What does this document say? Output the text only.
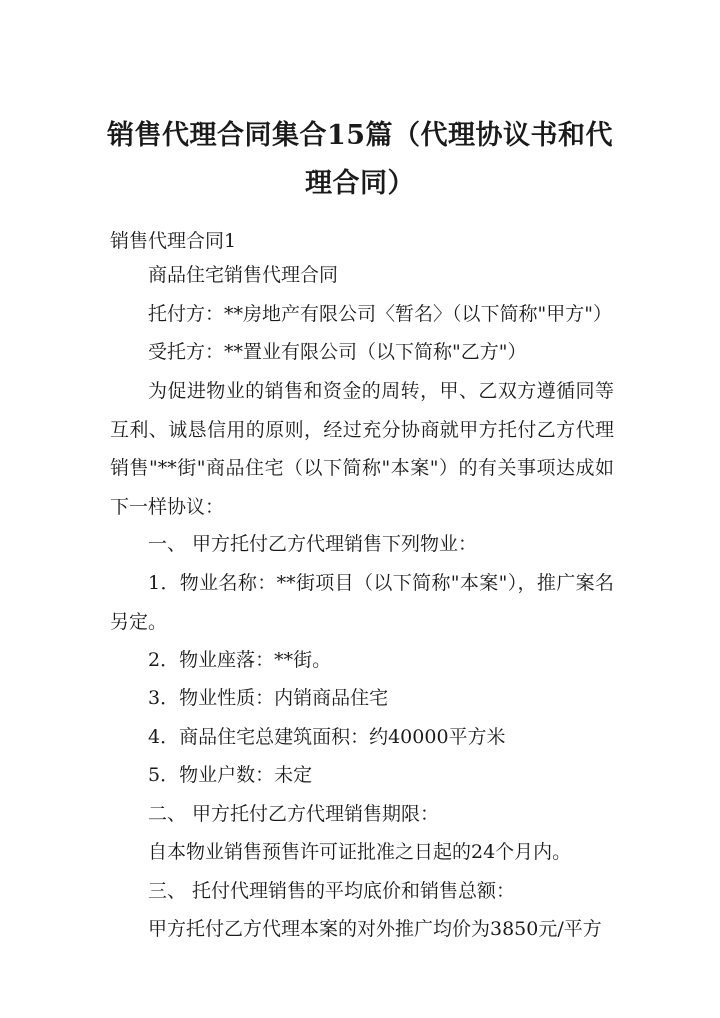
销售代理合同集合15篇（代理协议书和代理合同）

销售代理合同1

商品住宅销售代理合同

托付方：**房地产有限公司〈暂名〉（以下简称"甲方"）

受托方：**置业有限公司（以下简称"乙方"）

为促进物业的销售和资金的周转，甲、乙双方遵循同等互利、诚恳信用的原则，经过充分协商就甲方托付乙方代理销售"**街"商品住宅（以下简称"本案"）的有关事项达成如下一样协议：

一、 甲方托付乙方代理销售下列物业：

1．物业名称：**街项目（以下简称"本案"），推广案名另定。

2．物业座落：**街。

3．物业性质：内销商品住宅

4．商品住宅总建筑面积：约40000平方米

5．物业户数：未定

二、 甲方托付乙方代理销售期限：

自本物业销售预售许可证批准之日起的24个月内。

三、 托付代理销售的平均底价和销售总额：

甲方托付乙方代理本案的对外推广均价为3850元/平方
